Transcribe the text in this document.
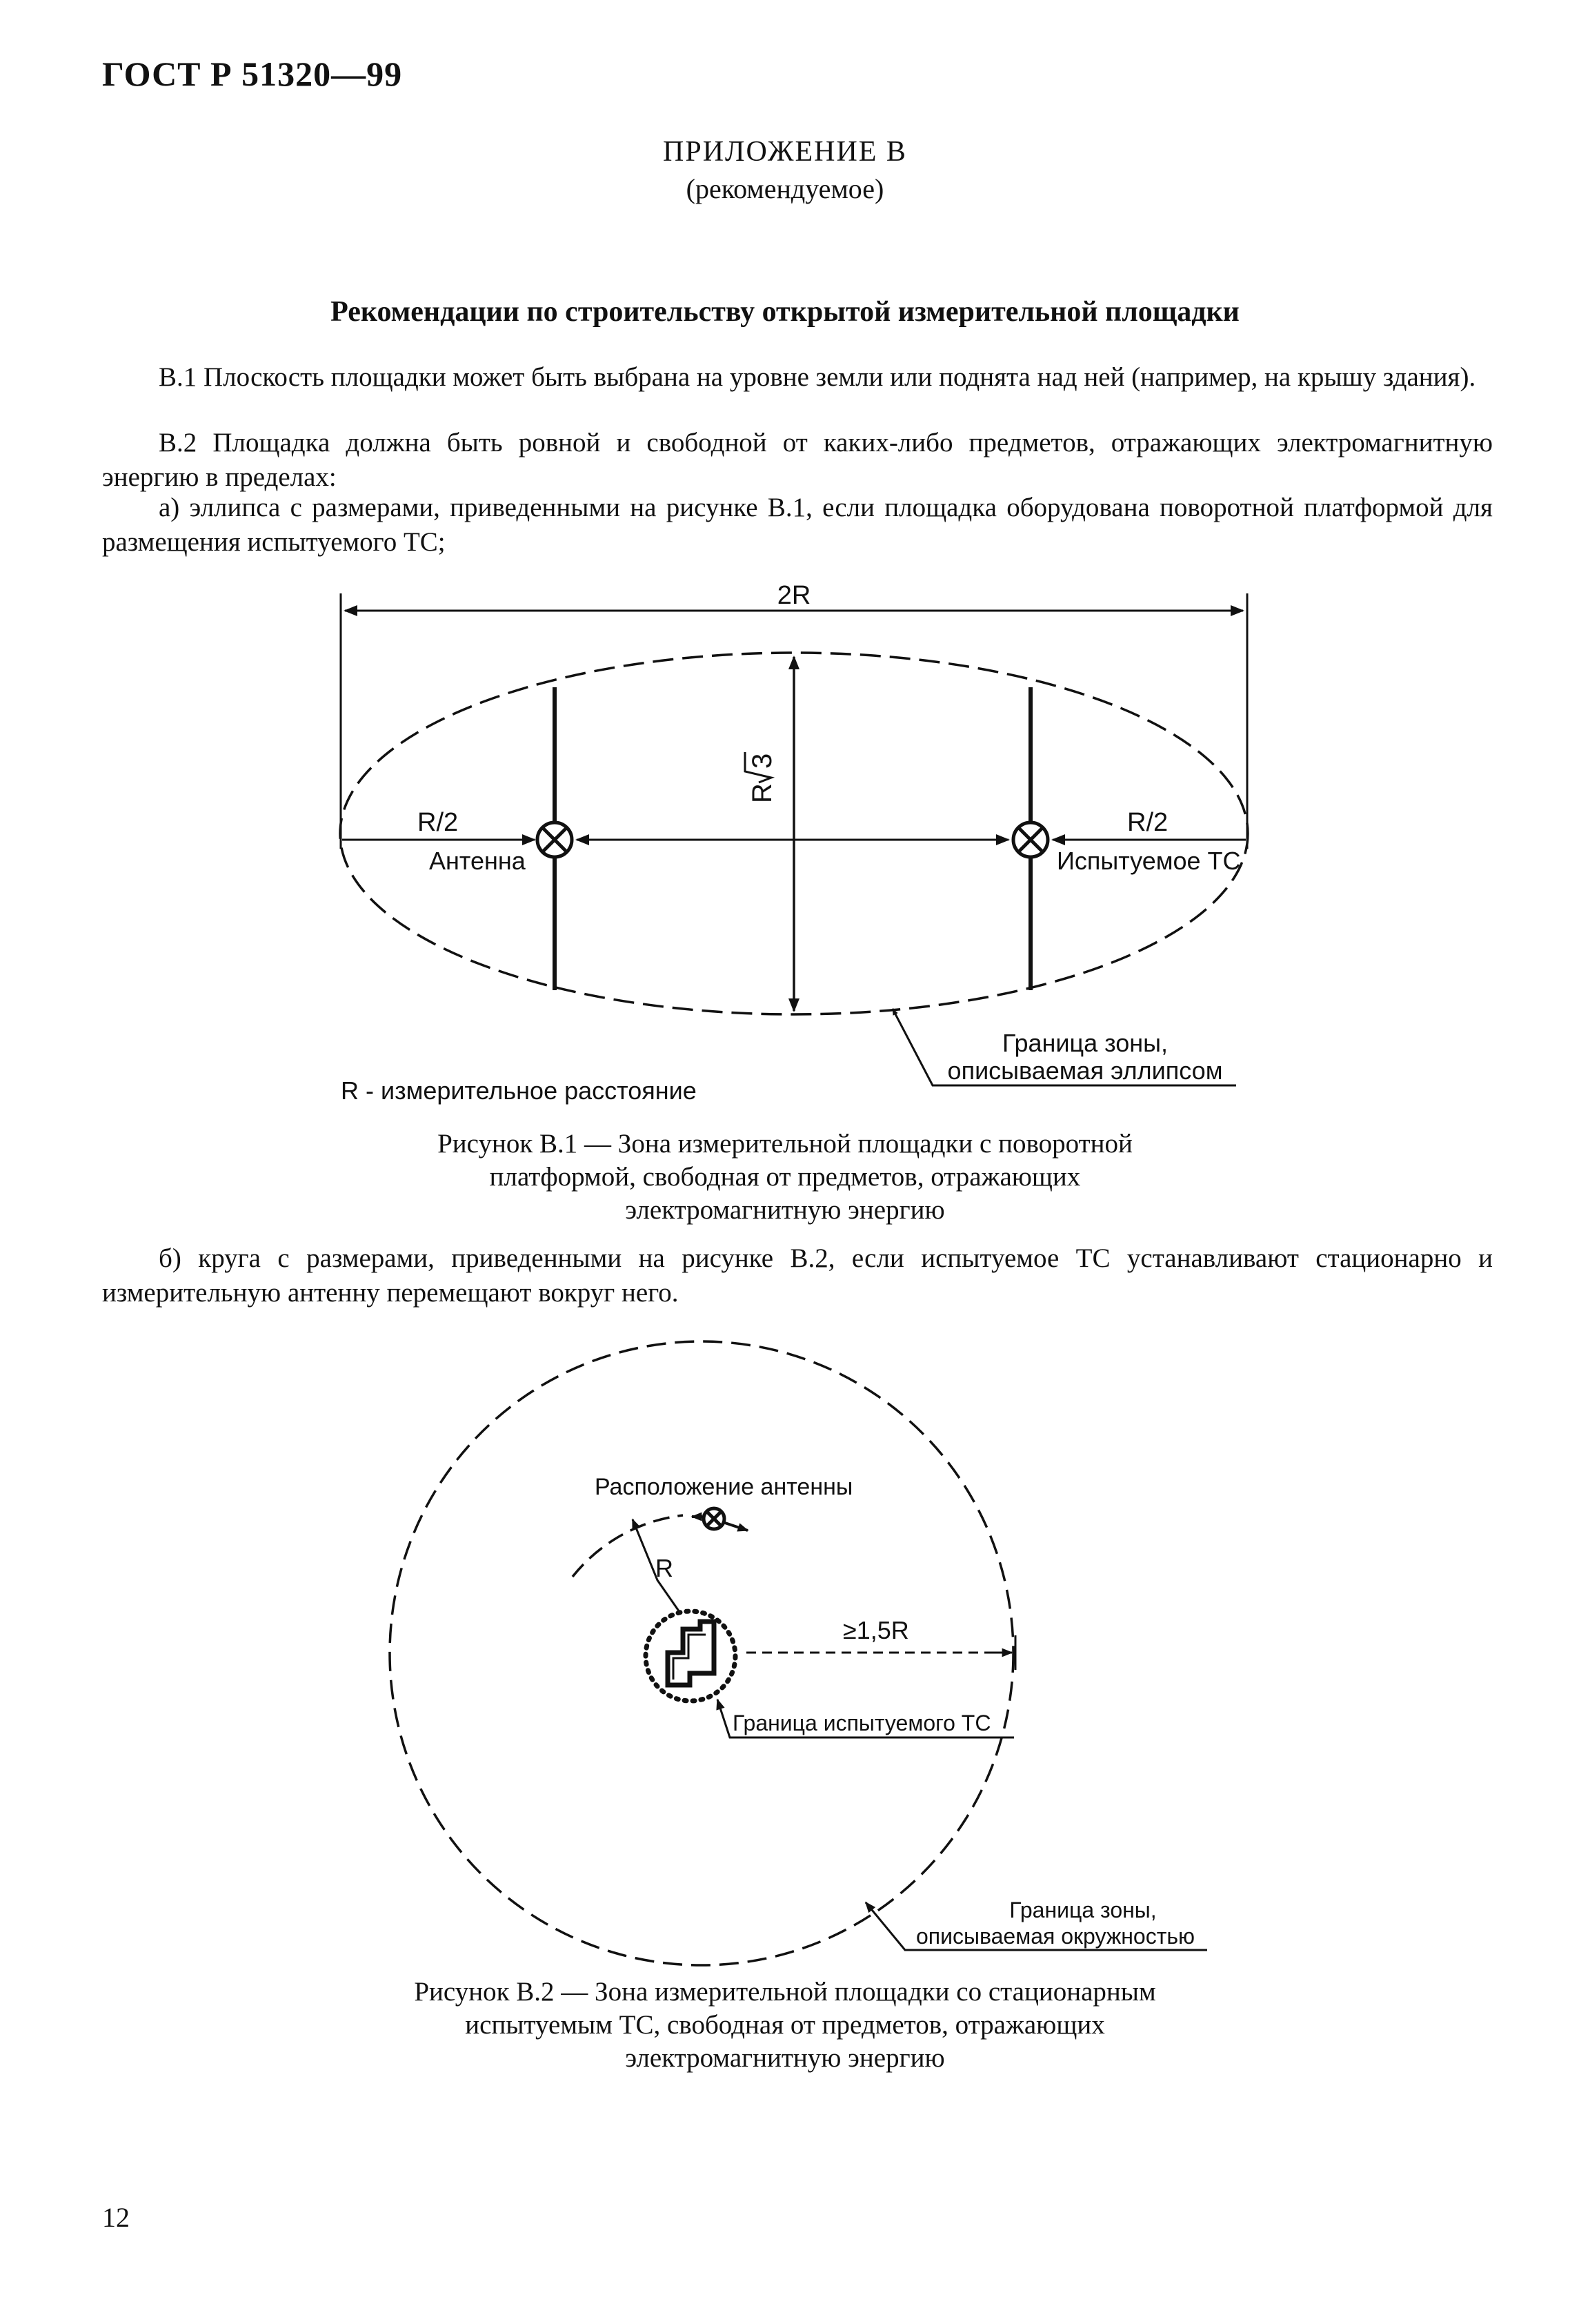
ГОСТ Р 51320—99
ПРИЛОЖЕНИЕ В
(рекомендуемое)
Рекомендации по строительству открытой измерительной площадки
В.1 Плоскость площадки может быть выбрана на уровне земли или поднята над ней (например, на крышу здания).
В.2 Площадка должна быть ровной и свободной от каких-либо предметов, отражающих электромагнитную энергию в пределах:
а) эллипса с размерами, приведенными на рисунке В.1, если площадка оборудована поворотной платформой для размещения испытуемого ТС;
2R
R
3
R/2	R/2
Антенна	Испытуемое ТС
Граница зоны,
описываемая эллипсом
R - измерительное расстояние
Рисунок В.1 — Зона измерительной площадки с поворотной
платформой, свободная от предметов, отражающих
электромагнитную энергию
б) круга с размерами, приведенными на рисунке В.2, если испытуемое ТС устанавливают стационарно и измерительную антенну перемещают вокруг него.
Расположение антенны
R
≥1,5R
Граница испытуемого ТС
Граница зоны,
описываемая окружностью
Рисунок В.2 — Зона измерительной площадки со стационарным
испытуемым ТС, свободная от предметов, отражающих
электромагнитную энергию
12
